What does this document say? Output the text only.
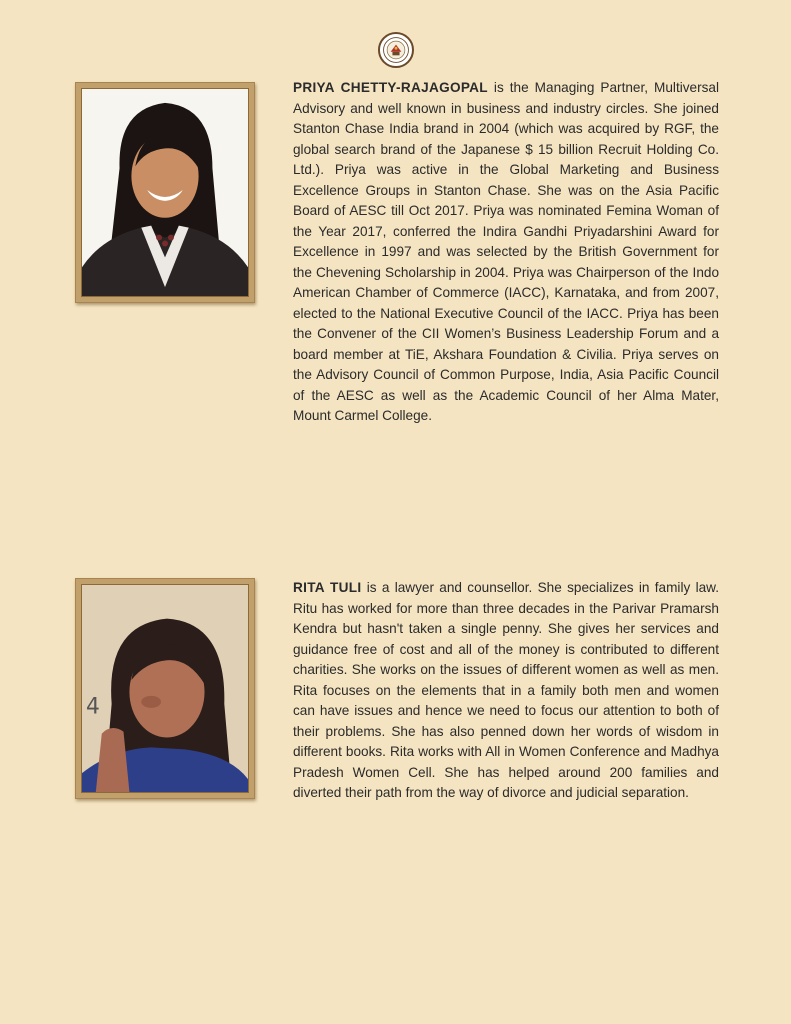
PRIYA CHETTY-RAJAGOPAL is the Managing Partner, Multiversal Advisory and well known in business and industry circles. She joined Stanton Chase India brand in 2004 (which was acquired by RGF, the global search brand of the Japanese $ 15 billion Recruit Holding Co. Ltd.). Priya was active in the Global Marketing and Business Excellence Groups in Stanton Chase. She was on the Asia Pacific Board of AESC till Oct 2017. Priya was nominated Femina Woman of the Year 2017, conferred the Indira Gandhi Priyadarshini Award for Excellence in 1997 and was selected by the British Government for the Chevening Scholarship in 2004. Priya was Chairperson of the Indo American Chamber of Commerce (IACC), Karnataka, and from 2007, elected to the National Executive Council of the IACC. Priya has been the Convener of the CII Women’s Business Leadership Forum and a board member at TiE, Akshara Foundation & Civilia. Priya serves on the Advisory Council of Common Purpose, India, Asia Pacific Council of the AESC as well as the Academic Council of her Alma Mater, Mount Carmel College.

4

RITA TULI is a lawyer and counsellor. She specializes in family law. Ritu has worked for more than three decades in the Parivar Pramarsh Kendra but hasn't taken a single penny. She gives her services and guidance free of cost and all of the money is contributed to different charities. She works on the issues of different women as well as men. Rita focuses on the elements that in a family both men and women can have issues and hence we need to focus our attention to both of their problems. She has also penned down her words of wisdom in different books. Rita works with All in Women Conference and Madhya Pradesh Women Cell. She has helped around 200 families and diverted their path from the way of divorce and judicial separation.
